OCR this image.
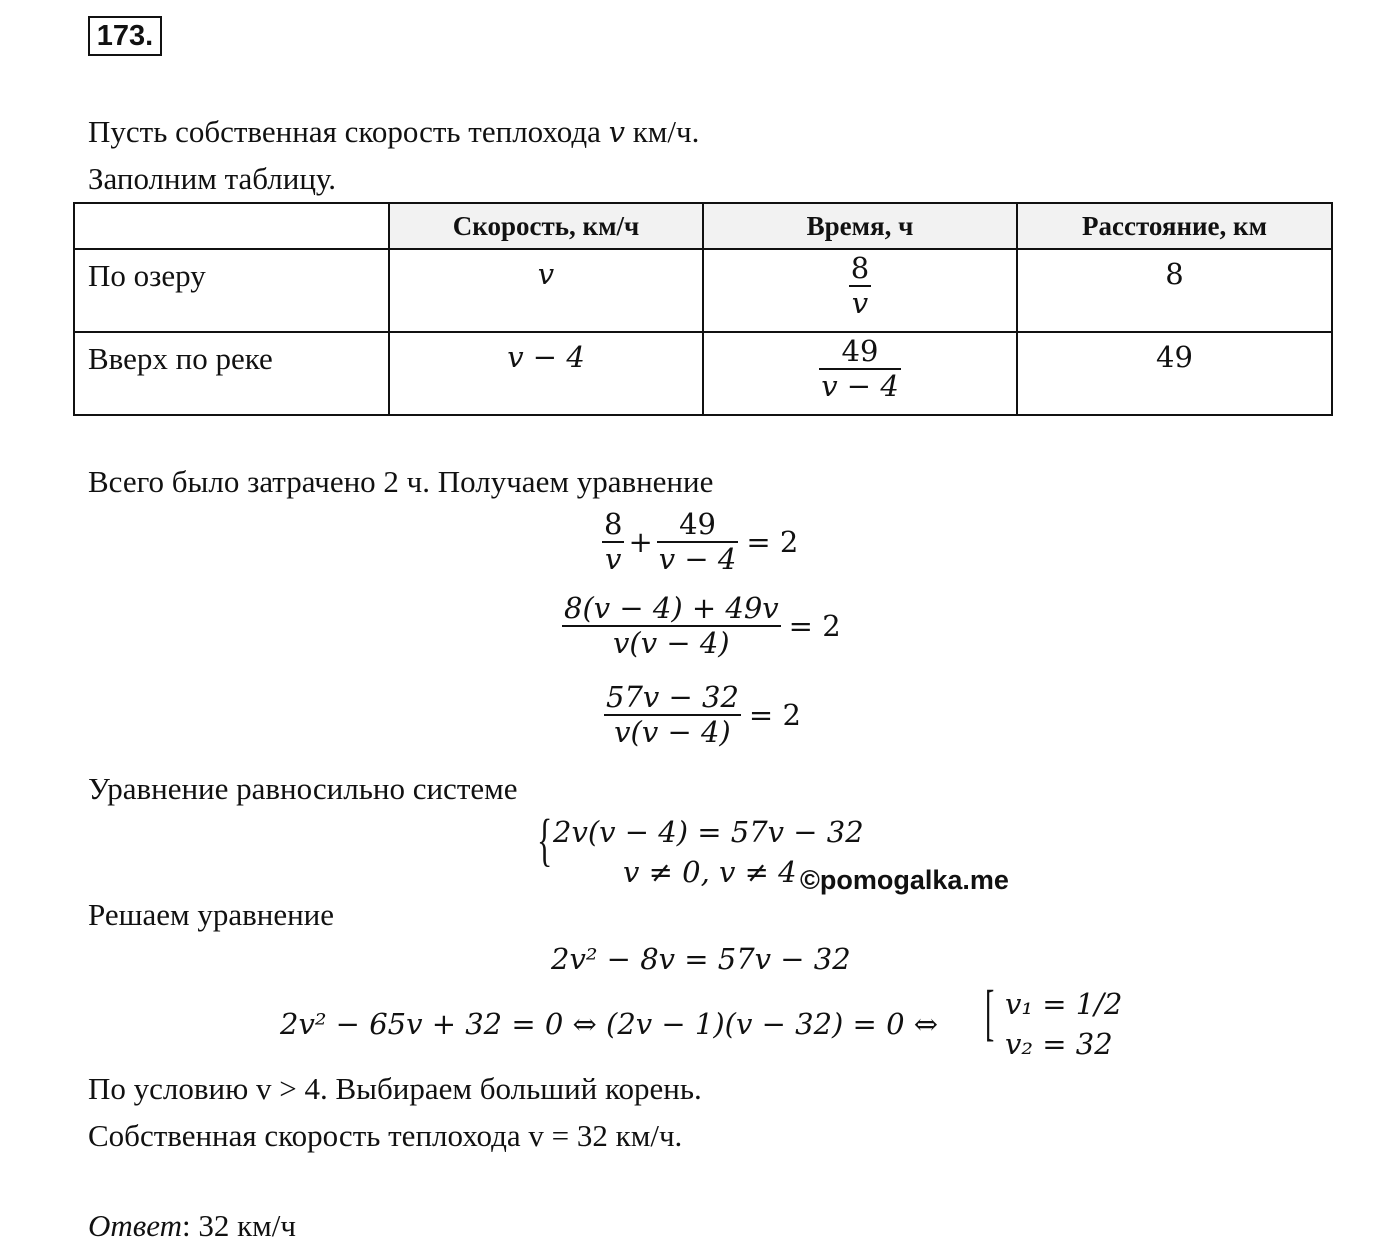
173.
Пусть собственная скорость теплохода v км/ч.
Заполним таблицу.
	Скорость, км/ч	Время, ч	Расстояние, км

По озеру	v	$\frac{8}{v}$	8

Вверх по реке	v − 4	$\frac{49}{v - 4}$	49
Всего было затрачено 2 ч. Получаем уравнение
$\frac{8}{v} + \frac{49}{v - 4} = 2$
$\frac{8(v - 4) + 49v}{v(v - 4)} = 2$
$\frac{57v - 32}{v(v - 4)} = 2$
Уравнение равносильно системе
{ 2v(v − 4) = 57v − 32
v ≠ 0, v ≠ 4 ©pomogalka.me
Решаем уравнение
2v² − 8v = 57v − 32
2v² − 65v + 32 = 0 ⇔ (2v − 1)(v − 32) = 0 ⇔ [ v₁ = 1/2
v₂ = 32
По условию v > 4. Выбираем больший корень.
Собственная скорость теплохода v = 32 км/ч.
Ответ: 32 км/ч
